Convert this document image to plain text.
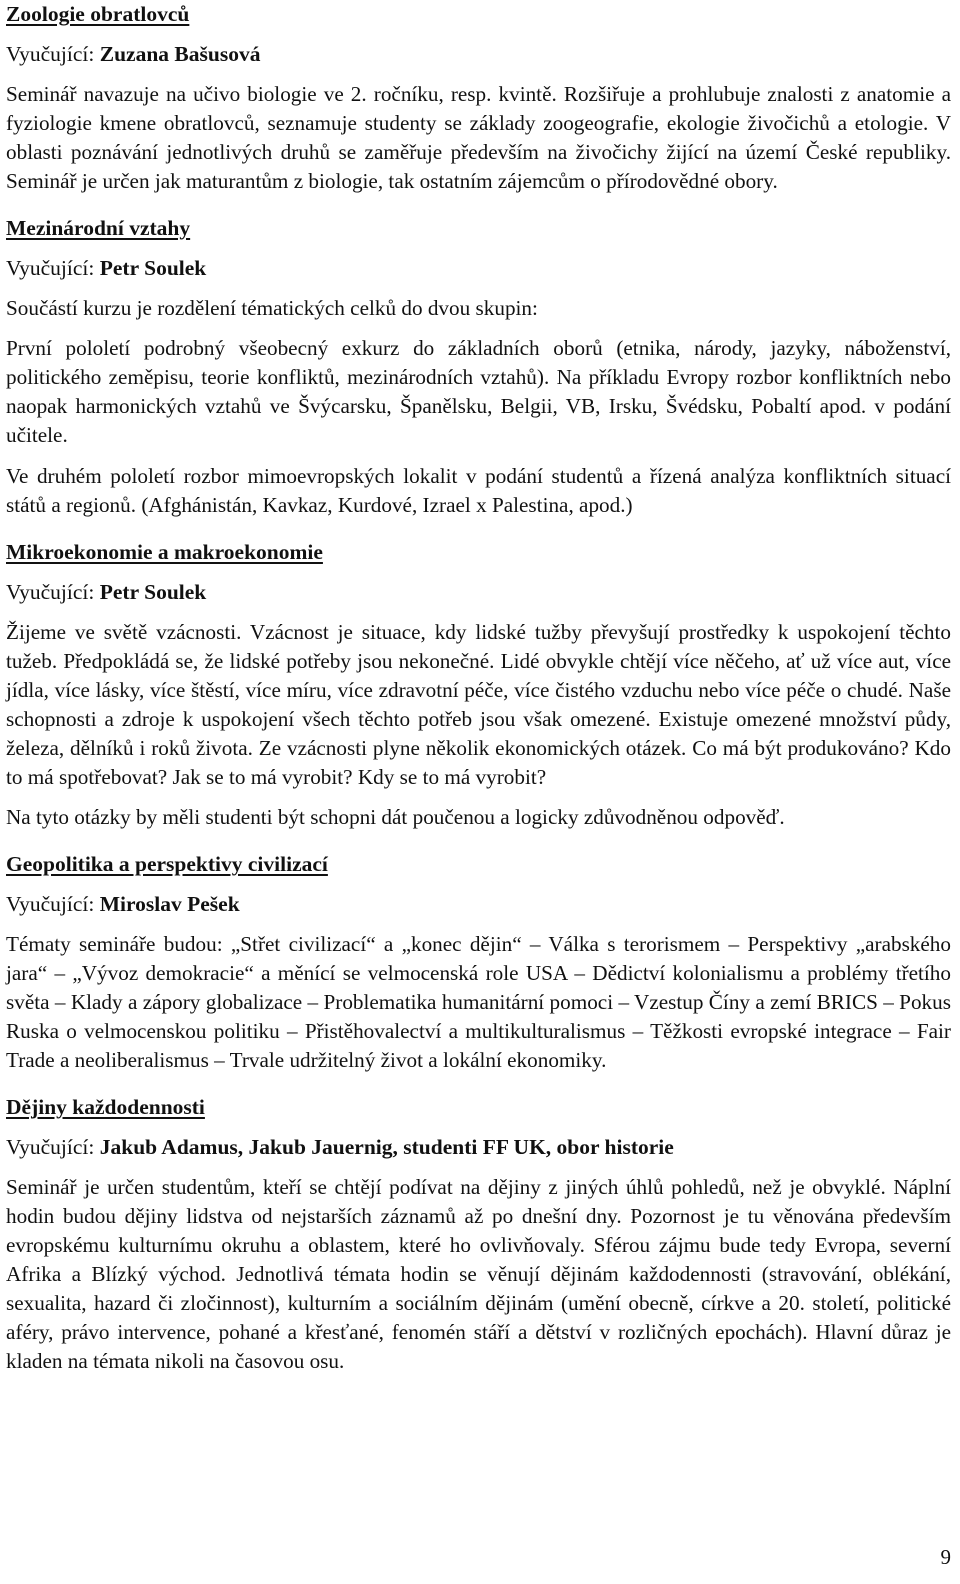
Zoologie obratlovců
Vyučující: Zuzana Bašusová

Seminář navazuje na učivo biologie ve 2. ročníku, resp. kvintě. Rozšiřuje a prohlubuje znalosti z anatomie a fyziologie kmene obratlovců, seznamuje studenty se základy zoogeografie, ekologie živočichů a etologie. V oblasti poznávání jednotlivých druhů se zaměřuje především na živočichy žijící na území České republiky. Seminář je určen jak maturantům z biologie, tak ostatním zájemcům o přírodovědné obory.

Mezinárodní vztahy
Vyučující: Petr Soulek

Součástí kurzu je rozdělení tématických celků do dvou skupin:

První pololetí podrobný všeobecný exkurz do základních oborů (etnika, národy, jazyky, náboženství, politického zeměpisu, teorie konfliktů, mezinárodních vztahů). Na příkladu Evropy rozbor konfliktních nebo naopak harmonických vztahů ve Švýcarsku, Španělsku, Belgii, VB, Irsku, Švédsku, Pobaltí apod. v podání učitele.

Ve druhém pololetí rozbor mimoevropských lokalit v podání studentů a řízená analýza konfliktních situací států a regionů. (Afghánistán, Kavkaz, Kurdové, Izrael x Palestina, apod.)

Mikroekonomie a makroekonomie
Vyučující: Petr Soulek

Žijeme ve světě vzácnosti. Vzácnost je situace, kdy lidské tužby převyšují prostředky k uspokojení těchto tužeb. Předpokládá se, že lidské potřeby jsou nekonečné. Lidé obvykle chtějí více něčeho, ať už více aut, více jídla, více lásky, více štěstí, více míru, více zdravotní péče, více čistého vzduchu nebo více péče o chudé. Naše schopnosti a zdroje k uspokojení všech těchto potřeb jsou však omezené. Existuje omezené množství půdy, železa, dělníků i roků života. Ze vzácnosti plyne několik ekonomických otázek. Co má být produkováno? Kdo to má spotřebovat? Jak se to má vyrobit? Kdy se to má vyrobit?

Na tyto otázky by měli studenti být schopni dát poučenou a logicky zdůvodněnou odpověď.

Geopolitika a perspektivy civilizací
Vyučující: Miroslav Pešek

Tématy semináře budou: „Střet civilizací“ a „konec dějin“ – Válka s terorismem – Perspektivy „arabského jara“ – „Vývoz demokracie“ a měnící se velmocenská role USA – Dědictví kolonialismu a problémy třetího světa – Klady a zápory globalizace – Problematika humanitární pomoci – Vzestup Číny a zemí BRICS – Pokus Ruska o velmocenskou politiku – Přistěhovalectví a multikulturalismus – Těžkosti evropské integrace – Fair Trade a neoliberalismus – Trvale udržitelný život a lokální ekonomiky.

Dějiny každodennosti
Vyučující: Jakub Adamus, Jakub Jauernig, studenti FF UK, obor historie

Seminář je určen studentům, kteří se chtějí podívat na dějiny z jiných úhlů pohledů, než je obvyklé. Náplní hodin budou dějiny lidstva od nejstarších záznamů až po dnešní dny. Pozornost je tu věnována především evropskému kulturnímu okruhu a oblastem, které ho ovlivňovaly. Sférou zájmu bude tedy Evropa, severní Afrika a Blízký východ. Jednotlivá témata hodin se věnují dějinám každodennosti (stravování, oblékání, sexualita, hazard či zločinnost), kulturním a sociálním dějinám (umění obecně, církve a 20. století, politické aféry, právo intervence, pohané a křesťané, fenomén stáří a dětství v rozličných epochách). Hlavní důraz je kladen na témata nikoli na časovou osu.

9
